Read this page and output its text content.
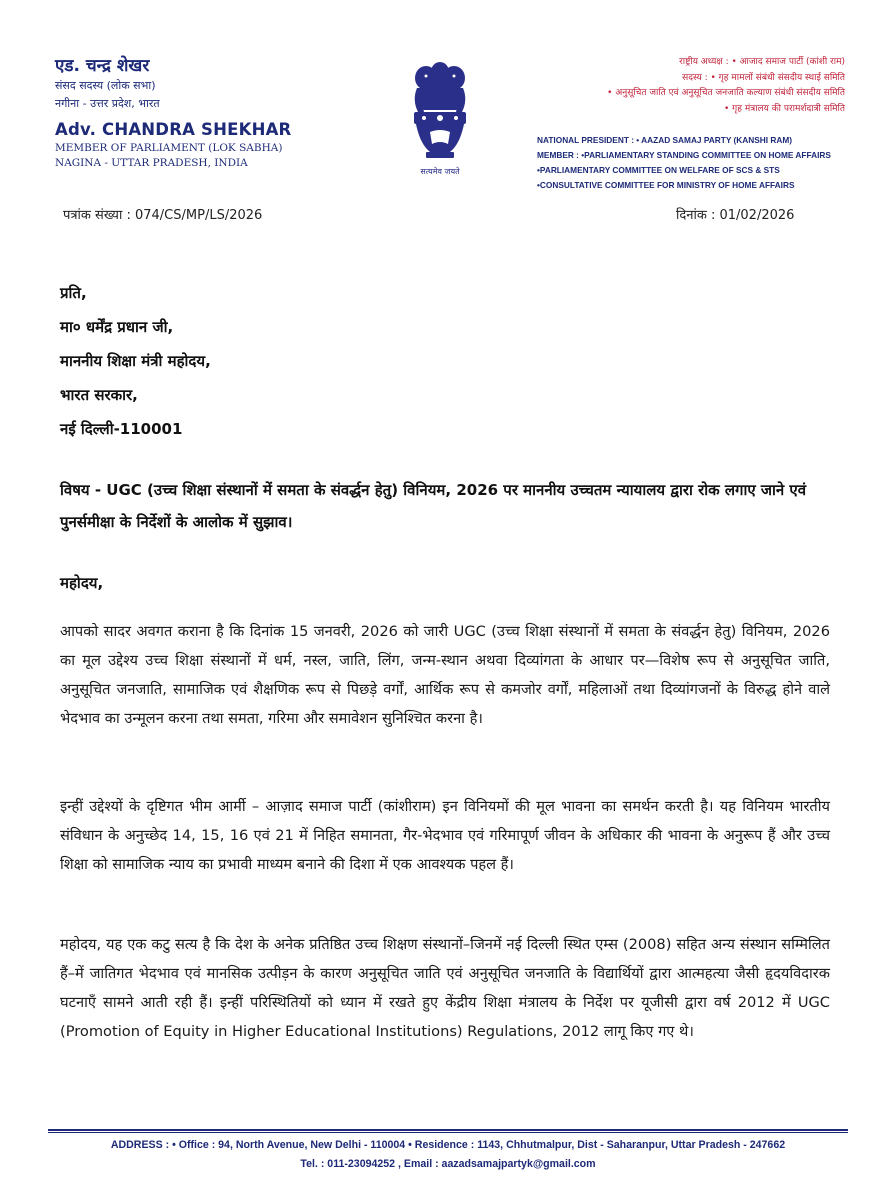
एड. चन्द्र शेखर
संसद सदस्य (लोक सभा)
नगीना - उत्तर प्रदेश, भारत
Adv. CHANDRA SHEKHAR
MEMBER OF PARLIAMENT (LOK SABHA)
NAGINA - UTTAR PRADESH, INDIA
सत्यमेव जयते
राष्ट्रीय अध्यक्ष : • आजाद समाज पार्टी (कांशी राम)
सदस्य : • गृह मामलों संबंधी संसदीय स्थाई समिति
• अनुसूचित जाति एवं अनुसूचित जनजाति कल्याण संबंधी संसदीय समिति
• गृह मंत्रालय की परामर्शदात्री समिति
NATIONAL PRESIDENT : • AAZAD SAMAJ PARTY (KANSHI RAM)
MEMBER : •PARLIAMENTARY STANDING COMMITTEE ON HOME AFFAIRS
•PARLIAMENTARY COMMITTEE ON WELFARE OF SCS & STS
•CONSULTATIVE COMMITTEE FOR MINISTRY OF HOME AFFAIRS
पत्रांक संख्या : 074/CS/MP/LS/2026	दिनांक : 01/02/2026
प्रति,
मा० धर्मेंद्र प्रधान जी,
माननीय शिक्षा मंत्री महोदय,
भारत सरकार,
नई दिल्ली-110001
विषय - UGC (उच्च शिक्षा संस्थानों में समता के संवर्द्धन हेतु) विनियम, 2026 पर माननीय उच्चतम न्यायालय द्वारा रोक लगाए जाने एवं पुनर्समीक्षा के निर्देशों के आलोक में सुझाव।
महोदय,
आपको सादर अवगत कराना है कि दिनांक 15 जनवरी, 2026 को जारी UGC (उच्च शिक्षा संस्थानों में समता के संवर्द्धन हेतु) विनियम, 2026 का मूल उद्देश्य उच्च शिक्षा संस्थानों में धर्म, नस्ल, जाति, लिंग, जन्म-स्थान अथवा दिव्यांगता के आधार पर—विशेष रूप से अनुसूचित जाति, अनुसूचित जनजाति, सामाजिक एवं शैक्षणिक रूप से पिछड़े वर्गों, आर्थिक रूप से कमजोर वर्गों, महिलाओं तथा दिव्यांगजनों के विरुद्ध होने वाले भेदभाव का उन्मूलन करना तथा समता, गरिमा और समावेशन सुनिश्चित करना है।
इन्हीं उद्देश्यों के दृष्टिगत भीम आर्मी – आज़ाद समाज पार्टी (कांशीराम) इन विनियमों की मूल भावना का समर्थन करती है। यह विनियम भारतीय संविधान के अनुच्छेद 14, 15, 16 एवं 21 में निहित समानता, गैर-भेदभाव एवं गरिमापूर्ण जीवन के अधिकार की भावना के अनुरूप हैं और उच्च शिक्षा को सामाजिक न्याय का प्रभावी माध्यम बनाने की दिशा में एक आवश्यक पहल हैं।
महोदय, यह एक कटु सत्य है कि देश के अनेक प्रतिष्ठित उच्च शिक्षण संस्थानों–जिनमें नई दिल्ली स्थित एम्स (2008) सहित अन्य संस्थान सम्मिलित हैं–में जातिगत भेदभाव एवं मानसिक उत्पीड़न के कारण अनुसूचित जाति एवं अनुसूचित जनजाति के विद्यार्थियों द्वारा आत्महत्या जैसी हृदयविदारक घटनाएँ सामने आती रही हैं। इन्हीं परिस्थितियों को ध्यान में रखते हुए केंद्रीय शिक्षा मंत्रालय के निर्देश पर यूजीसी द्वारा वर्ष 2012 में UGC (Promotion of Equity in Higher Educational Institutions) Regulations, 2012 लागू किए गए थे।
ADDRESS : • Office : 94, North Avenue, New Delhi - 110004 • Residence : 1143, Chhutmalpur, Dist - Saharanpur, Uttar Pradesh - 247662
Tel. : 011-23094252 , Email : aazadsamajpartyk@gmail.com
